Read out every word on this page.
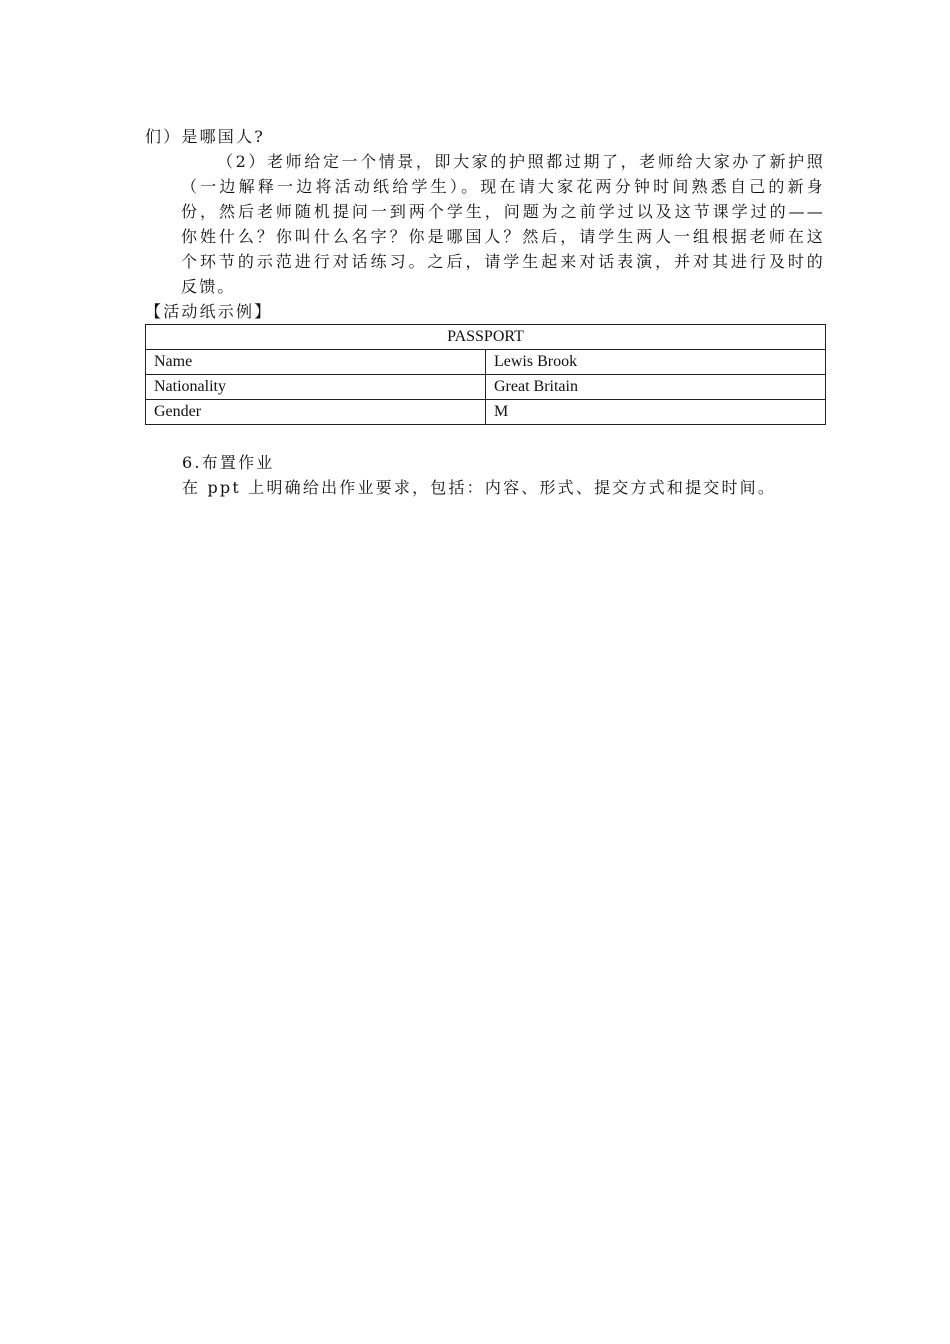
们）是哪国人?
（2）老师给定一个情景，即大家的护照都过期了，老师给大家办了新护照
（一边解释一边将活动纸给学生）。现在请大家花两分钟时间熟悉自己的新身
份，然后老师随机提问一到两个学生，问题为之前学过以及这节课学过的——
你姓什么？你叫什么名字？你是哪国人？然后，请学生两人一组根据老师在这
个环节的示范进行对话练习。之后，请学生起来对话表演，并对其进行及时的
反馈。
【活动纸示例】
PASSPORT	
Name	Lewis Brook
Nationality	Great Britain
Gender	M
6.布置作业
在 ppt 上明确给出作业要求，包括：内容、形式、提交方式和提交时间。
